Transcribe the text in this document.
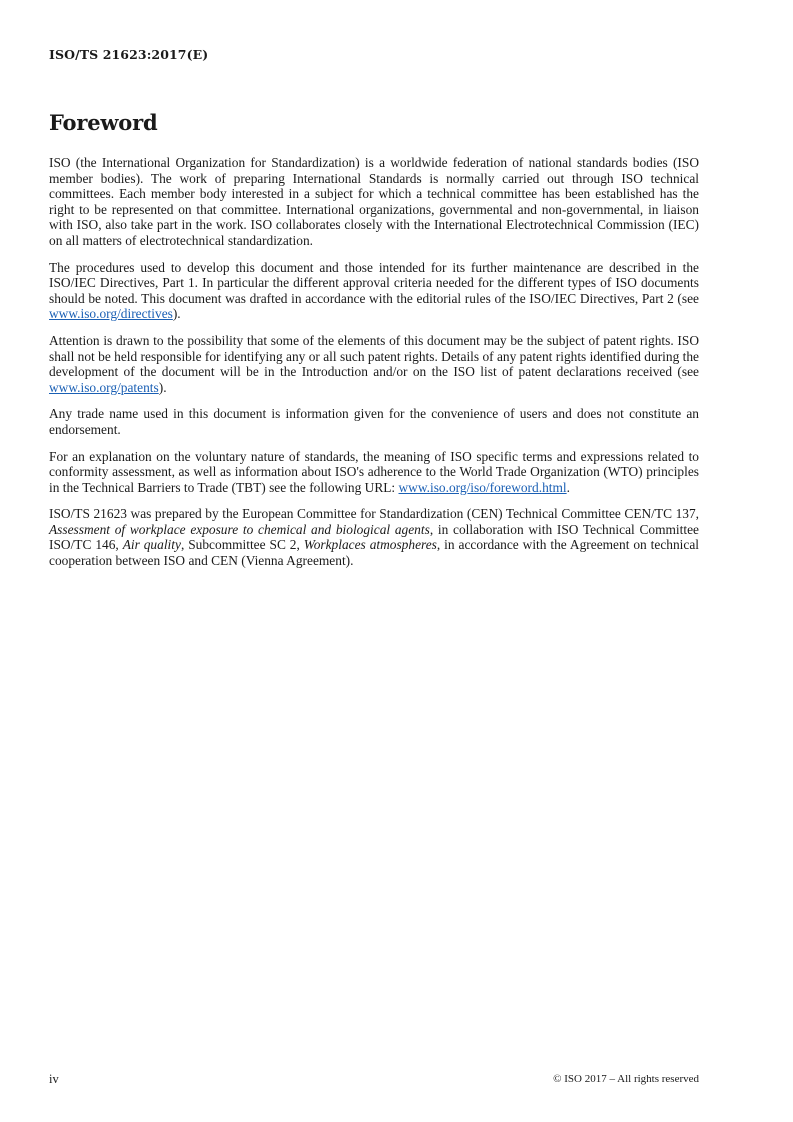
ISO/TS 21623:2017(E)
Foreword

ISO (the International Organization for Standardization) is a worldwide federation of national standards bodies (ISO member bodies). The work of preparing International Standards is normally carried out through ISO technical committees. Each member body interested in a subject for which a technical committee has been established has the right to be represented on that committee. International organizations, governmental and non-governmental, in liaison with ISO, also take part in the work. ISO collaborates closely with the International Electrotechnical Commission (IEC) on all matters of electrotechnical standardization.

The procedures used to develop this document and those intended for its further maintenance are described in the ISO/IEC Directives, Part 1. In particular the different approval criteria needed for the different types of ISO documents should be noted. This document was drafted in accordance with the editorial rules of the ISO/IEC Directives, Part 2 (see www.iso.org/directives).

Attention is drawn to the possibility that some of the elements of this document may be the subject of patent rights. ISO shall not be held responsible for identifying any or all such patent rights. Details of any patent rights identified during the development of the document will be in the Introduction and/or on the ISO list of patent declarations received (see www.iso.org/patents).

Any trade name used in this document is information given for the convenience of users and does not constitute an endorsement.

For an explanation on the voluntary nature of standards, the meaning of ISO specific terms and expressions related to conformity assessment, as well as information about ISO's adherence to the World Trade Organization (WTO) principles in the Technical Barriers to Trade (TBT) see the following URL: www.iso.org/iso/foreword.html.

ISO/TS 21623 was prepared by the European Committee for Standardization (CEN) Technical Committee CEN/TC 137, Assessment of workplace exposure to chemical and biological agents, in collaboration with ISO Technical Committee ISO/TC 146, Air quality, Subcommittee SC 2, Workplaces atmospheres, in accordance with the Agreement on technical cooperation between ISO and CEN (Vienna Agreement).

iv	© ISO 2017 – All rights reserved
